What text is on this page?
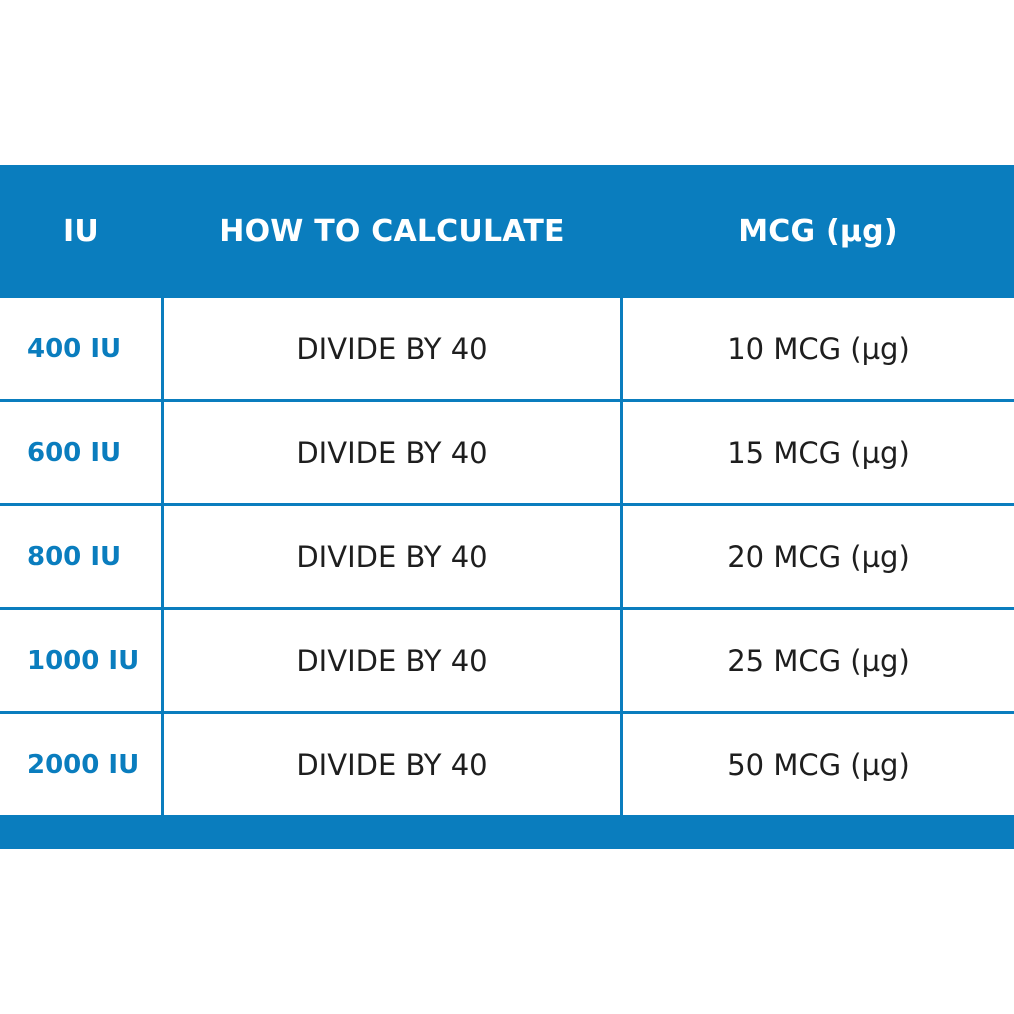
IU	HOW TO CALCULATE	MCG (µg)
400 IU	DIVIDE BY 40	10 MCG (µg)
600 IU	DIVIDE BY 40	15 MCG (µg)
800 IU	DIVIDE BY 40	20 MCG (µg)
1000 IU	DIVIDE BY 40	25 MCG (µg)
2000 IU	DIVIDE BY 40	50 MCG (µg)
